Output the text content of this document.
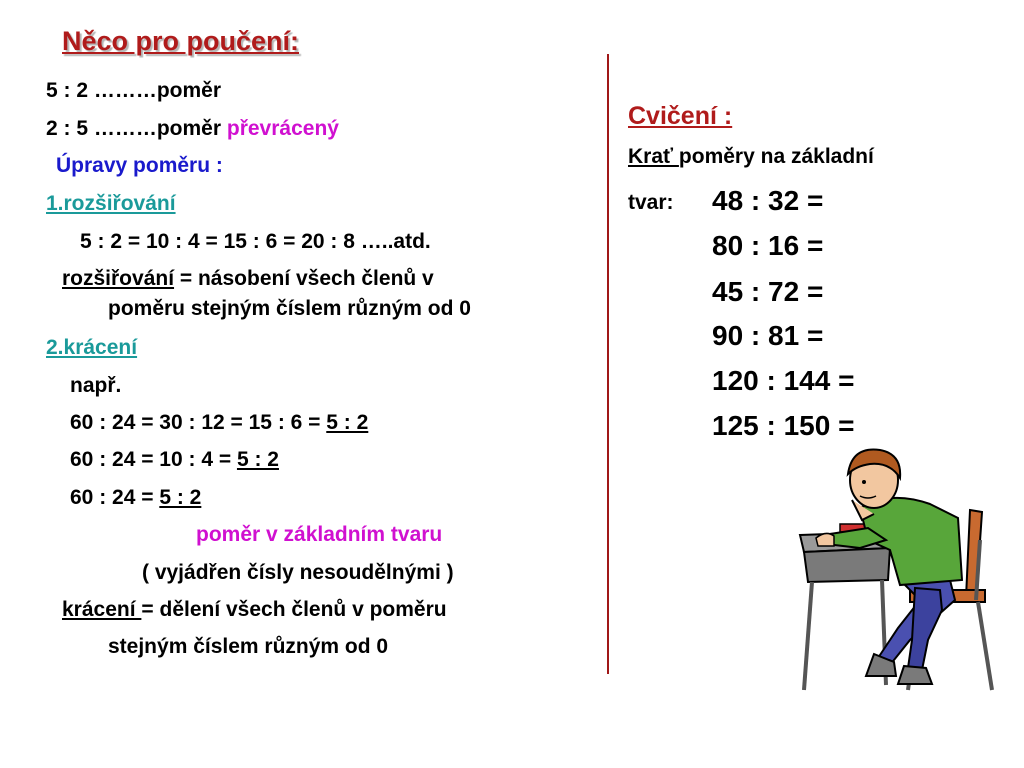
Něco pro poučení:
5 : 2 ………poměr
2 : 5 ………poměr převrácený
Úpravy poměru :
1.rozšiřování
5 : 2 = 10 : 4 = 15 : 6 = 20 : 8 …..atd.
rozšiřování = násobení všech členů v
poměru stejným číslem různým od 0
2.krácení
např.
60 : 24 = 30 : 12 = 15 : 6 = 5 : 2
60 : 24 = 10 : 4 = 5 : 2
60 : 24 = 5 : 2
poměr v základním tvaru
( vyjádřen čísly nesoudělnými )
krácení = dělení všech členů v poměru
stejným číslem různým od 0
Cvičení :
Krať poměry na základní
tvar: 48 : 32 =
80 : 16 =
45 : 72 =
90 : 81 =
120 : 144 =
125 : 150 =
